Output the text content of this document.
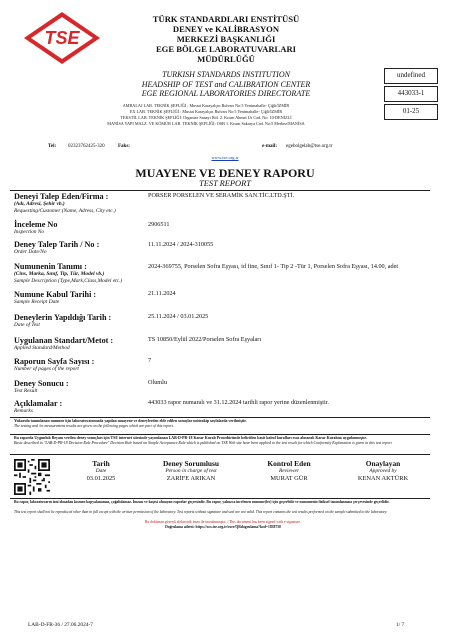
TSE
TÜRK STANDARDLARI ENSTİTÜSÜ
DENEY ve KALİBRASYON
MERKEZİ BAŞKANLIĞI
EGE BÖLGE LABORATUVARLARI
MÜDÜRLÜĞÜ
TURKISH STANDARDS INSTITUTION
HEADSHIP OF TEST and CALIBRATION CENTER
EGE REGIONAL LABORATORIES DIRECTORATE
undefined
443033-1
01-25
AMBALAJ LAB. TEKNİK ŞEFLİĞİ : Mustat Karayalçın Bulvarı No:5 Yenimahalle- Çiğli/İZMİR
EX LAB. TEKNİK ŞEFLİĞİ : Mustat Karayalçın Bulvarı No:5 Yenimahalle- Çiğli/İZMİR
TEKSTİL LAB. TEKNİK ŞEFLİĞİ: Organize Sanayi Böl. 2. Kısım Ahmet Us Cad. No: 10-DENİZLİ
MANİSA YAPI MALZ. VE KÖMÜR LAB. TEKNİK ŞEFLİĞİ: OSB 1. Kısım Sakarya Cad. No:5 Merkez/MANİSA
Tel: 02323762425-320	Faks:	e-mail: egebolgelab@tse.org.tr
www.tse.org.tr
MUAYENE VE DENEY RAPORU
TEST REPORT
Deneyi Talep Eden/Firma :
(Adı, Adresi, Şehir vb.)
Requesting/Customer (Name, Adress, City etc.)
PORSER PORSELEN VE SERAMİK SAN.TİC.LTD.ŞTİ.
İnceleme No
Inspection No
2906511
Deney Talep Tarih / No :
Order Date/No
11.11.2024 / 2024-310055
Numunenin Tanımı :
(Cins, Marka, Sınıf, Tip, Tür, Model vb.)
Sample Description (Type,Mark,Class,Model etc.)
2024-369755, Porselen Sofra Eşyası, id fine, Sınıf 1- Tip 2 -Tür 1, Porselen Sofra Eşyası, 14.00, adet
Numune Kabul Tarihi :
Sample Receipt Date
21.11.2024
Deneylerin Yapıldığı Tarih :
Date of Test
25.11.2024 / 03.01.2025
Uygulanan Standart/Metot :
Applied Standard/Method
TS 10850/Eylül 2022/Porselen Sofra Eşyaları
Raporun Sayfa Sayısı :
Number of pages of the report
7
Deney Sonucu :
Test Result
Olumlu
Açıklamalar :
Remarks
443033 rapor numaralı ve 31.12.2024 tarihli rapor yerine düzenlenmiştir.
Yukarıda tanımlanan numune için laboratuvarımızda yapılan muayene ve deneylerden elde edilen sonuçlar müteakip sayfalarda verilmiştir.
The testing and /or measurement results are given on the following pages which are part of this report.
Bu raporda Uygunluk Beyanı verilen deney sonuçları için TSE internet sitesinde yayımlanan LAB-D-PR-18 Karar Kuralı Prosedüründe belirtilen basit kabul kuralları esas alınarak Karar Kuralına uygulanmıştır.
Basic described in "LAB-D-PR-18 Decision Rule Procedure" Decision Rule based on Simple Acceptance Rule which is published on TSE Web site have been applied to the test result for which Conformity Explanation is given in this test report
Tarih
Date
03.01.2025
Deney Sorumlusu
Person in charge of test
ZARİFE ARIKAN
Kontrol Eden
Reviewer
MURAT GÜR
Onaylayan
Approved by
KENAN AKTÜRK
Bu rapor, laboratuvarın izni olmadan kısmen kopyalanamaz, çoğaltılamaz. İmzası ve kaşesi olmayan raporlar geçersizdir. Bu rapor, yalnızca incelenen numune(ler) için geçerlidir ve numunenin fiziksel tanımlanması çerçevesinde geçerlidir.
This test report shall not be reproduced other than in full except with the written permission of the laboratory. Test reports without signature and seal are not valid. This report contains the test results performed on the sample submitted to the laboratory.
Bu doküman güvenli elektronik imza ile imzalanmıştır. / This document has been signed with e-signature.
Doğrulama adresi: https://ocs.tse.org.tr/eser/QRdogrulama?kod=1838750
LAB-D-FR-36 / 27.06.2024-7	1/ 7
